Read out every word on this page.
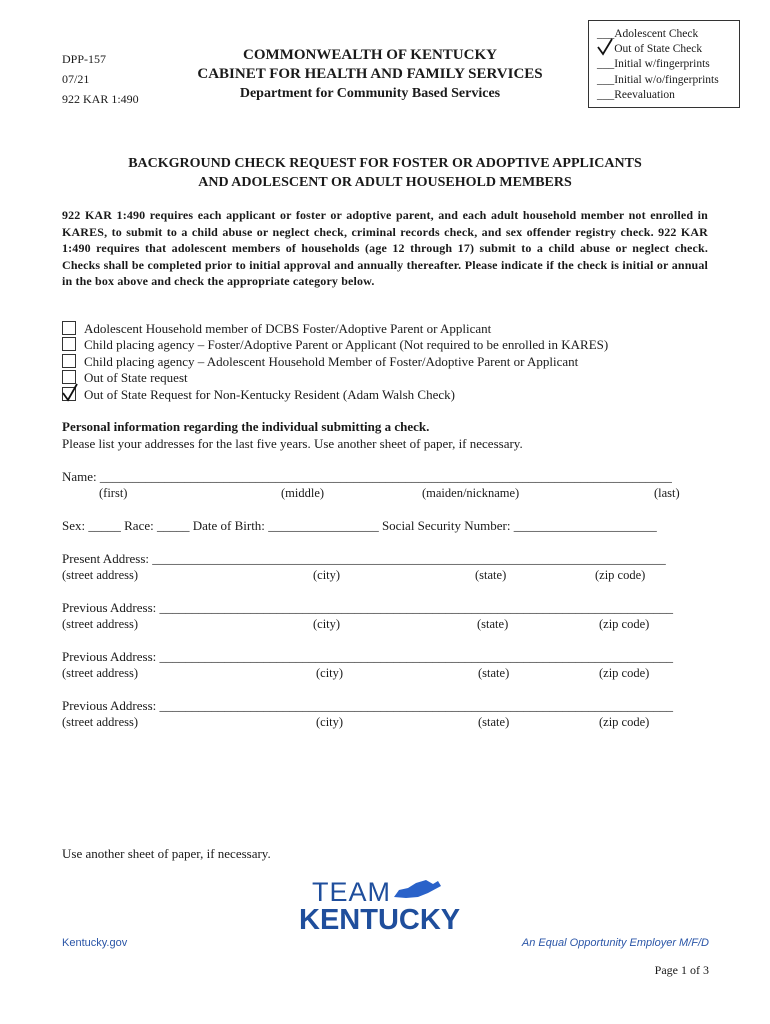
DPP-157
07/21
922 KAR 1:490
COMMONWEALTH OF KENTUCKY
CABINET FOR HEALTH AND FAMILY SERVICES
Department for Community Based Services
___Adolescent Check
Out of State Check
___Initial w/fingerprints
___Initial w/o/fingerprints
___Reevaluation
BACKGROUND CHECK REQUEST FOR FOSTER OR ADOPTIVE APPLICANTS
AND ADOLESCENT OR ADULT HOUSEHOLD MEMBERS
922 KAR 1:490 requires each applicant or foster or adoptive parent, and each adult household member not enrolled in KARES, to submit to a child abuse or neglect check, criminal records check, and sex offender registry check. 922 KAR 1:490 requires that adolescent members of households (age 12 through 17) submit to a child abuse or neglect check. Checks shall be completed prior to initial approval and annually thereafter. Please indicate if the check is initial or annual in the box above and check the appropriate category below.
Adolescent Household member of DCBS Foster/Adoptive Parent or Applicant
Child placing agency – Foster/Adoptive Parent or Applicant (Not required to be enrolled in KARES)
Child placing agency – Adolescent Household Member of Foster/Adoptive Parent or Applicant
Out of State request
Out of State Request for Non-Kentucky Resident (Adam Walsh Check)
Personal information regarding the individual submitting a check.
Please list your addresses for the last five years. Use another sheet of paper, if necessary.
Name: ________________________________________________________________________________________
(first)	(middle)	(maiden/nickname)	(last)
Sex: _____ Race: _____ Date of Birth: _________________ Social Security Number: ______________________
Present Address: _______________________________________________________________________________
(street address)	(city)	(state)	(zip code)
Previous Address: _______________________________________________________________________________
(street address)	(city)	(state)	(zip code)
Previous Address: _______________________________________________________________________________
(street address)	(city)	(state)	(zip code)
Previous Address: _______________________________________________________________________________
(street address)	(city)	(state)	(zip code)
Use another sheet of paper, if necessary.
TEAM
KENTUCKY
Kentucky.gov	An Equal Opportunity Employer M/F/D
Page 1 of 3
